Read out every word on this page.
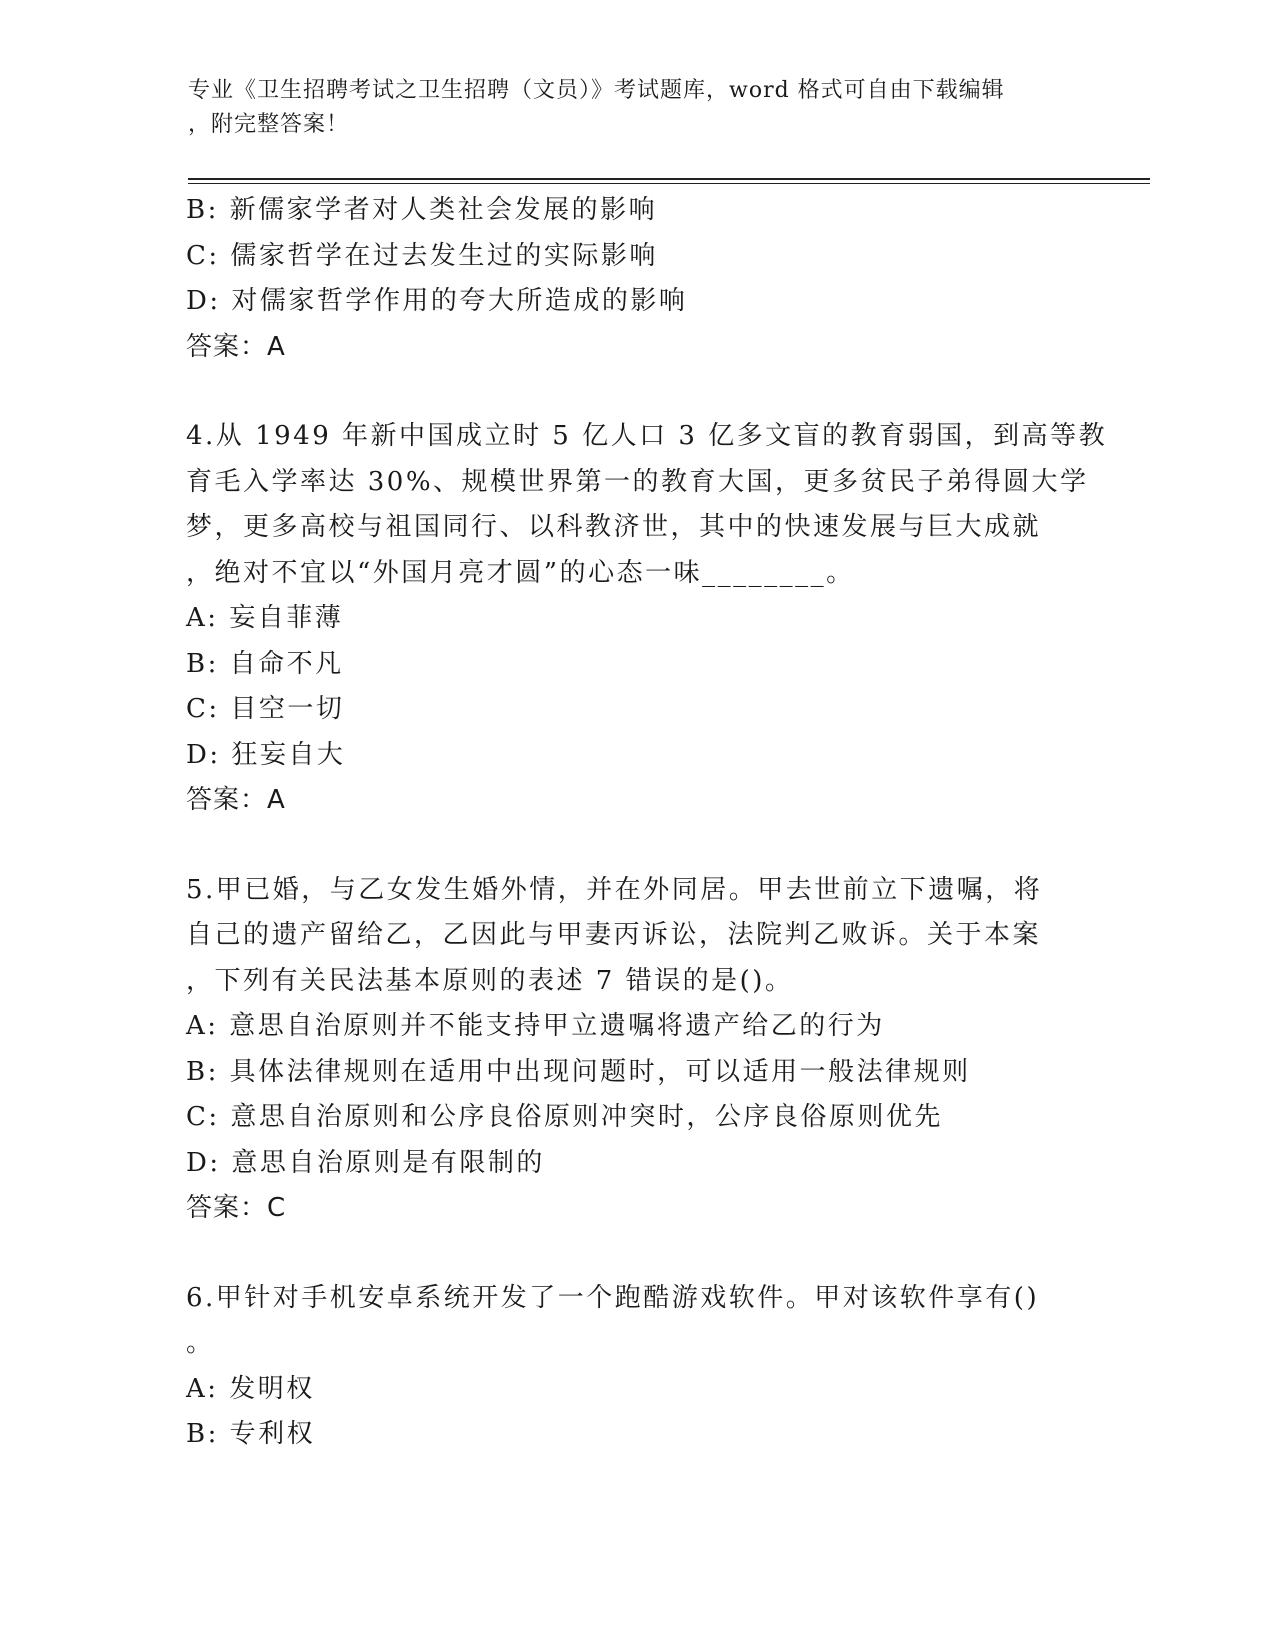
专业《卫生招聘考试之卫生招聘（文员）》考试题库，word 格式可自由下载编辑
，附完整答案！
B: 新儒家学者对人类社会发展的影响
C: 儒家哲学在过去发生过的实际影响
D: 对儒家哲学作用的夸大所造成的影响
答案：A
4.从 1949 年新中国成立时 5 亿人口 3 亿多文盲的教育弱国，到高等教
育毛入学率达 30%、规模世界第一的教育大国，更多贫民子弟得圆大学
梦，更多高校与祖国同行、以科教济世，其中的快速发展与巨大成就
，绝对不宜以“外国月亮才圆”的心态一味________。
A: 妄自菲薄
B: 自命不凡
C: 目空一切
D: 狂妄自大
答案：A
5.甲已婚，与乙女发生婚外情，并在外同居。甲去世前立下遗嘱，将
自己的遗产留给乙，乙因此与甲妻丙诉讼，法院判乙败诉。关于本案
，下列有关民法基本原则的表述 7 错误的是()。
A: 意思自治原则并不能支持甲立遗嘱将遗产给乙的行为
B: 具体法律规则在适用中出现问题时，可以适用一般法律规则
C: 意思自治原则和公序良俗原则冲突时，公序良俗原则优先
D: 意思自治原则是有限制的
答案：C
6.甲针对手机安卓系统开发了一个跑酷游戏软件。甲对该软件享有()
。
A: 发明权
B: 专利权
